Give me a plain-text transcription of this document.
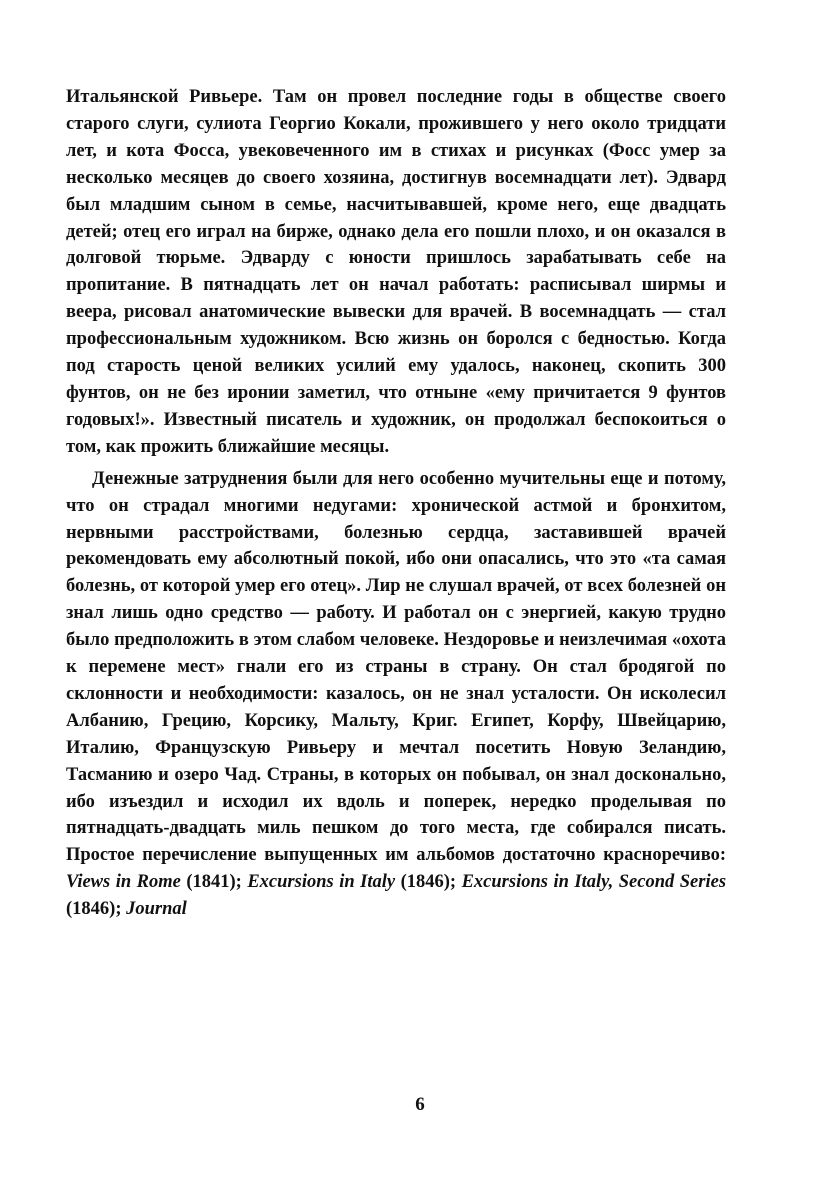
Итальянской Ривьере. Там он провел последние годы в обществе своего старого слуги, сулиота Георгио Кокали, прожившего у него около тридцати лет, и кота Фосса, увековеченного им в стихах и рисунках (Фосс умер за несколько месяцев до своего хозяина, достигнув восемнадцати лет). Эдвард был младшим сыном в семье, насчитывавшей, кроме него, еще двадцать детей; отец его играл на бирже, однако дела его пошли плохо, и он оказался в долговой тюрьме. Эдварду с юности пришлось зарабатывать себе на пропитание. В пятнадцать лет он начал работать: расписывал ширмы и веера, рисовал анатомические вывески для врачей. В восемнадцать — стал профессиональным художником. Всю жизнь он боролся с бедностью. Когда под старость ценой великих усилий ему удалось, наконец, скопить 300 фунтов, он не без иронии заметил, что отныне «ему причитается 9 фунтов годовых!». Известный писатель и художник, он продолжал беспокоиться о том, как прожить ближайшие месяцы.

Денежные затруднения были для него особенно мучительны еще и потому, что он страдал многими недугами: хронической астмой и бронхитом, нервными расстройствами, болезнью сердца, заставившей врачей рекомендовать ему абсолютный покой, ибо они опасались, что это «та самая болезнь, от которой умер его отец». Лир не слушал врачей, от всех болезней он знал лишь одно средство — работу. И работал он с энергией, какую трудно было предположить в этом слабом человеке. Нездоровье и неизлечимая «охота к перемене мест» гнали его из страны в страну. Он стал бродягой по склонности и необходимости: казалось, он не знал усталости. Он исколесил Албанию, Грецию, Корсику, Мальту, Криг. Египет, Корфу, Швейцарию, Италию, Французскую Ривьеру и мечтал посетить Новую Зеландию, Тасманию и озеро Чад. Страны, в которых он побывал, он знал досконально, ибо изъездил и исходил их вдоль и поперек, нередко проделывая по пятнадцать-двадцать миль пешком до того места, где собирался писать. Простое перечисление выпущенных им альбомов достаточно красноречиво: Views in Rome (1841); Excursions in Italy (1846); Excursions in Italy, Second Series (1846); Journal

6
